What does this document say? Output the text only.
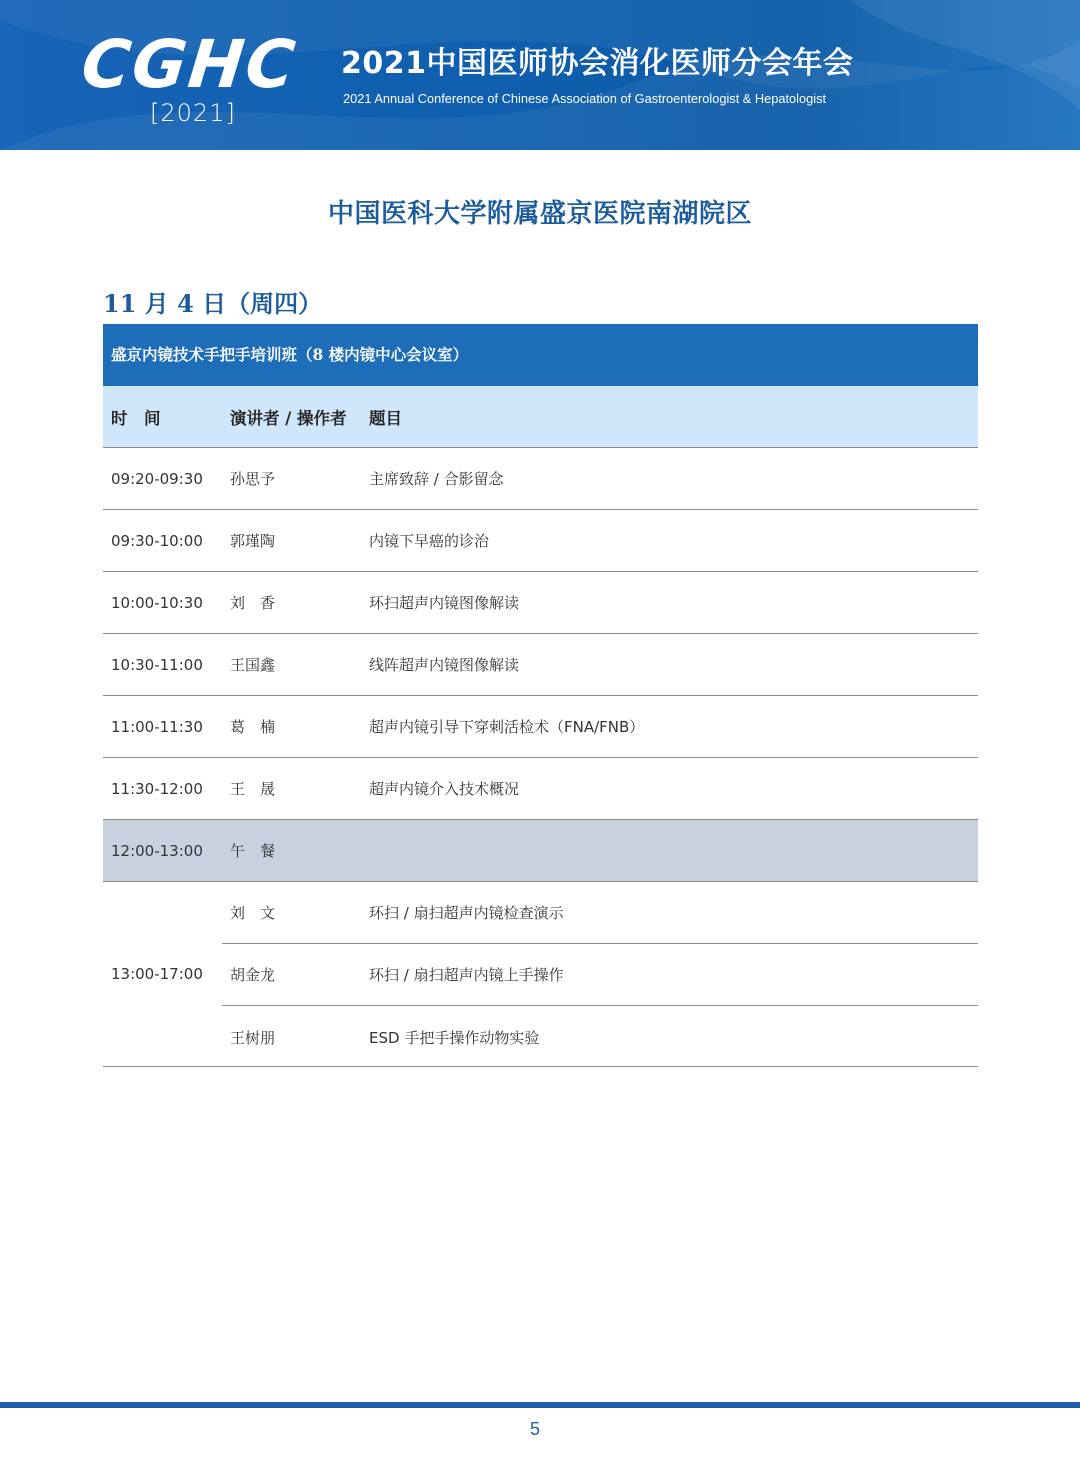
CGHC
[2021]
2021中国医师协会消化医师分会年会
2021 Annual Conference of Chinese Association of Gastroenterologist & Hepatologist
中国医科大学附属盛京医院南湖院区
11 月 4 日（周四）
盛京内镜技术手把手培训班（8 楼内镜中心会议室）
时　间	演讲者 / 操作者 题目
09:20-09:30 孙思予	主席致辞 / 合影留念
09:30-10:00 郭瑾陶	内镜下早癌的诊治
10:00-10:30 刘　香	环扫超声内镜图像解读
10:30-11:00 王国鑫	线阵超声内镜图像解读
11:00-11:30 葛　楠	超声内镜引导下穿刺活检术（FNA/FNB）
11:30-12:00 王　晟	超声内镜介入技术概况
12:00-13:00 午　餐
13:00-17:00
刘　文	环扫 / 扇扫超声内镜检查演示
胡金龙	环扫 / 扇扫超声内镜上手操作
王树朋	ESD 手把手操作动物实验
5
